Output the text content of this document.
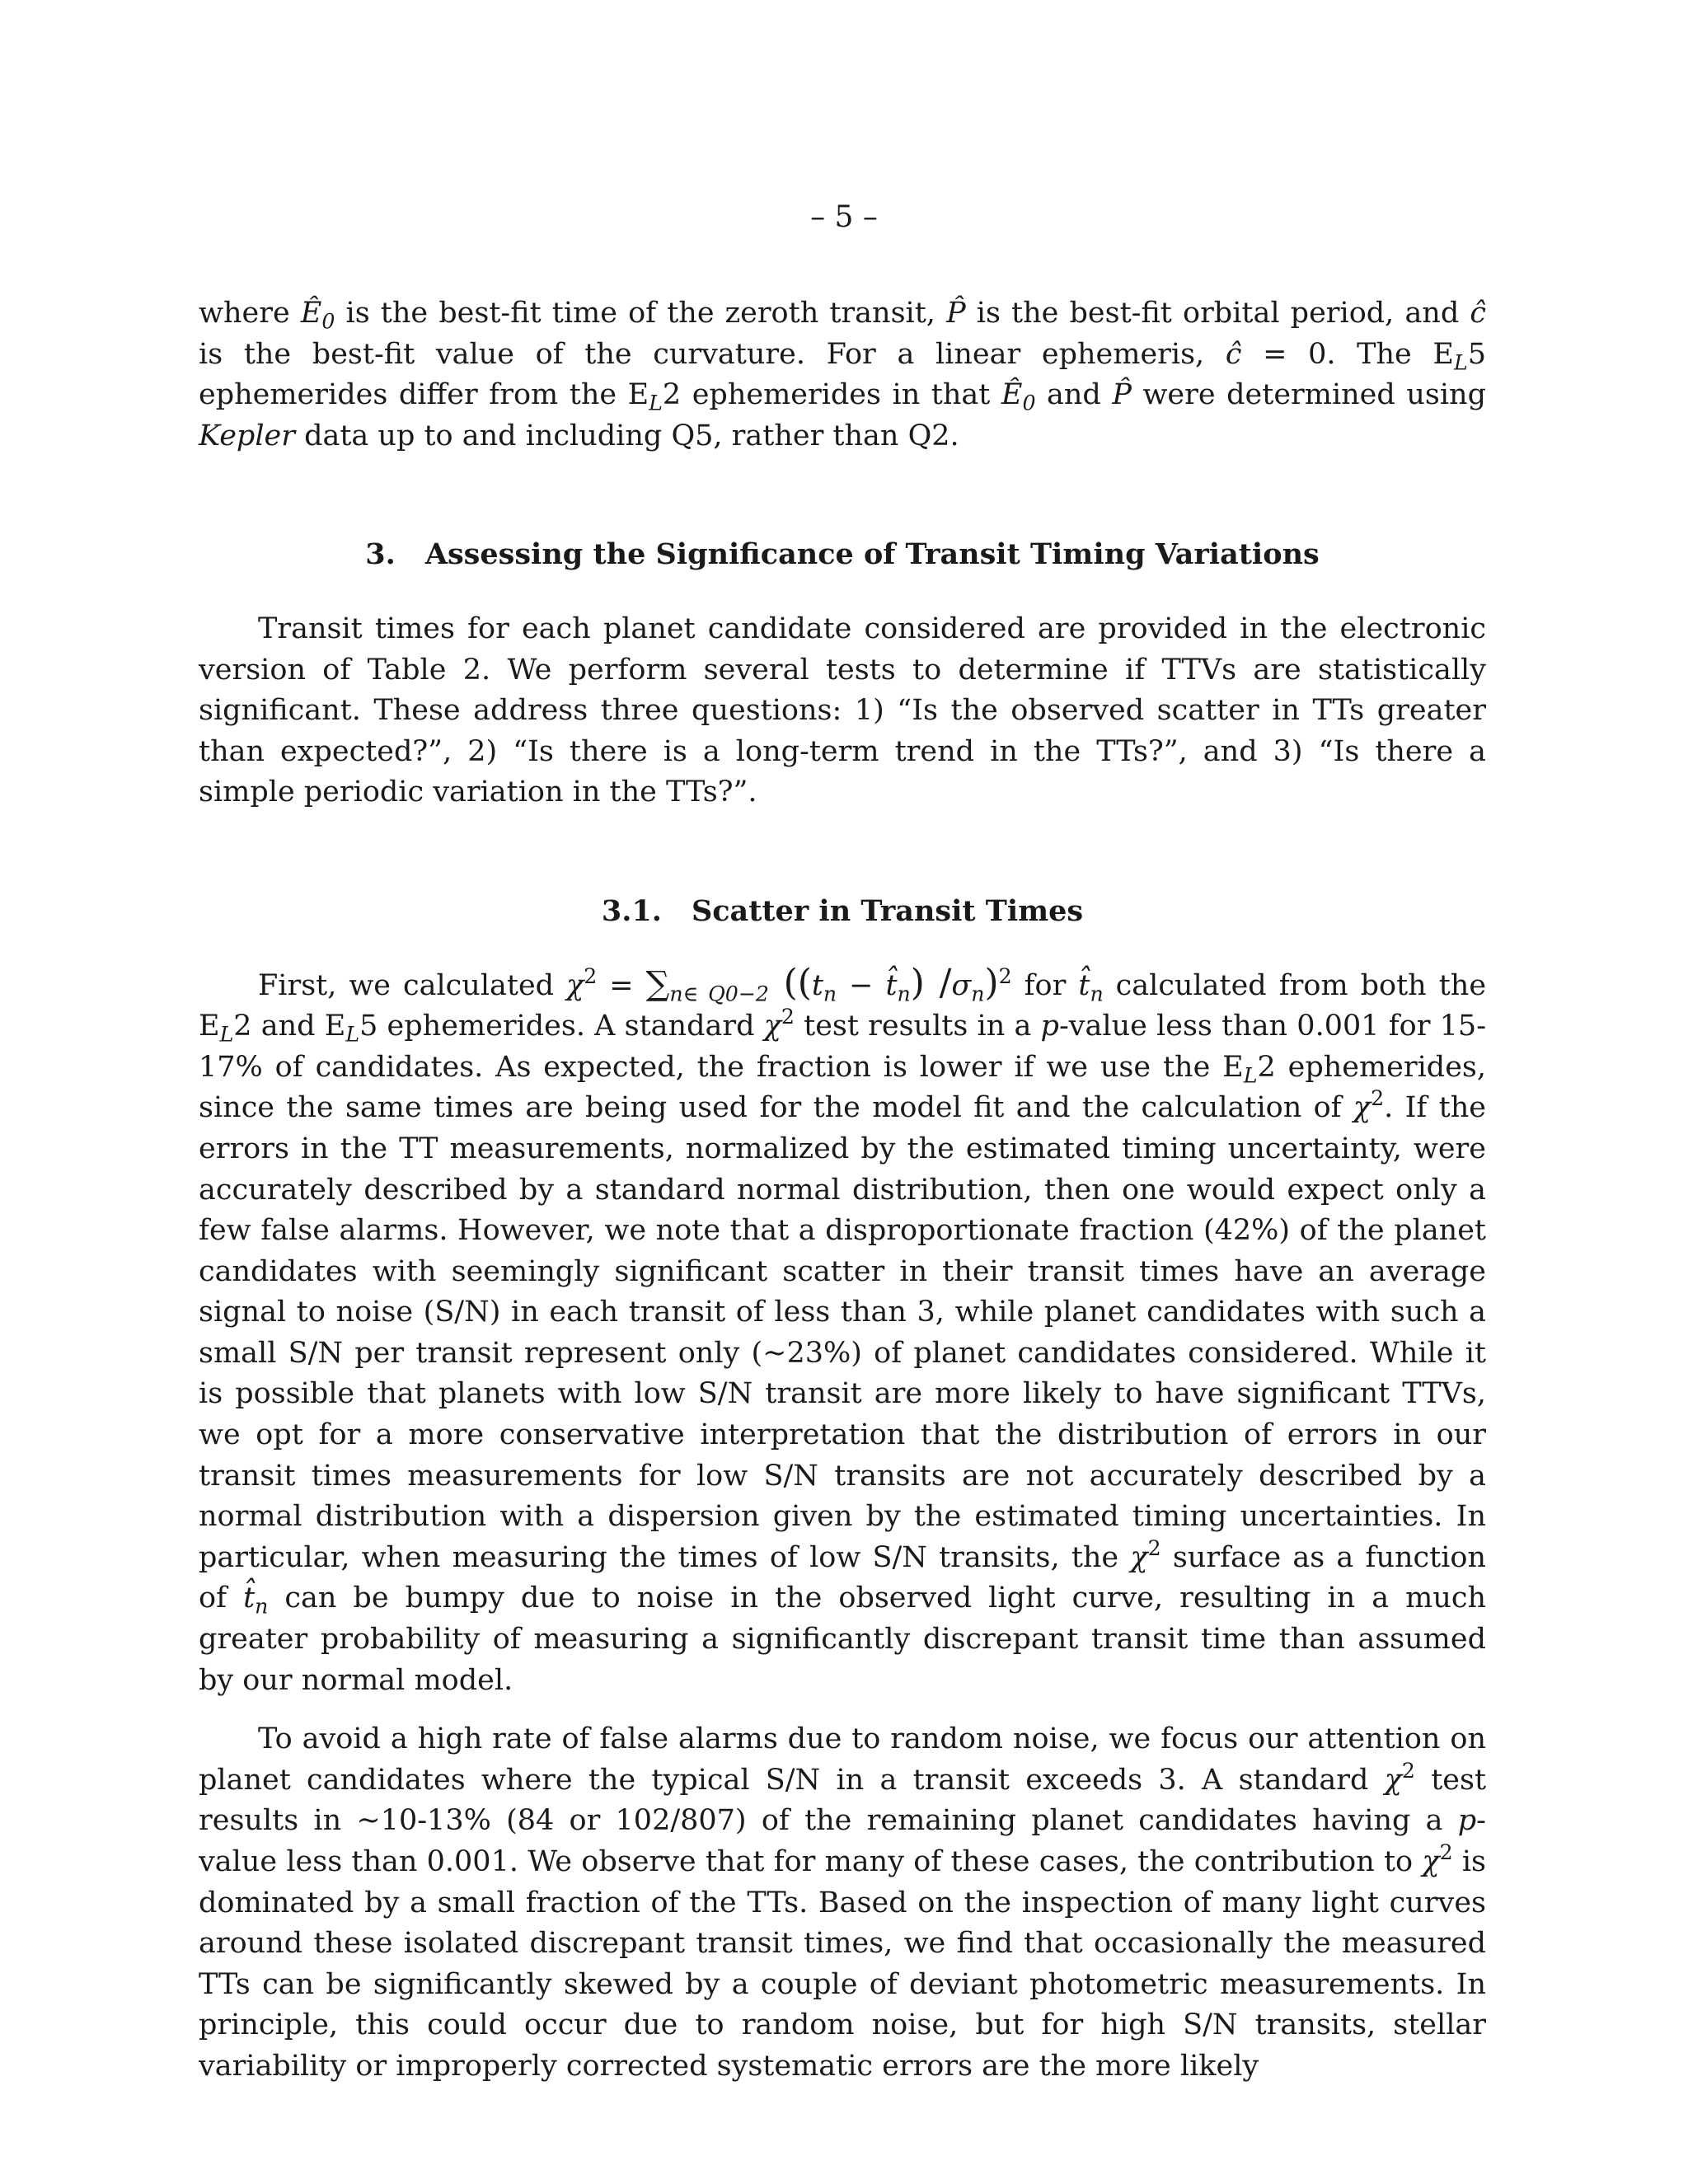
– 5 –

where $Ê_0$ is the best-fit time of the zeroth transit, P̂ is the best-fit orbital period, and ĉ is the best-fit value of the curvature. For a linear ephemeris, ĉ = 0. The $E_L5$ ephemerides differ from the $E_L2$ ephemerides in that $Ê_0$ and P̂ were determined using Kepler data up to and including Q5, rather than Q2.

3. Assessing the Significance of Transit Timing Variations

Transit times for each planet candidate considered are provided in the electronic version of Table 2. We perform several tests to determine if TTVs are statistically significant. These address three questions: 1) “Is the observed scatter in TTs greater than expected?”, 2) “Is there is a long-term trend in the TTs?”, and 3) “Is there a simple periodic variation in the TTs?”.

3.1. Scatter in Transit Times

First, we calculated $\chi^2 = \sum_{n\in Q0-2}$ (($t_n$ − $t̂_n$) $/\sigma_n)^2$ for $t̂_n$ calculated from both the $E_L2$ and $E_L5$ ephemerides. A standard $\chi^2$ test results in a p-value less than 0.001 for 15-17% of candidates. As expected, the fraction is lower if we use the $E_L2$ ephemerides, since the same times are being used for the model fit and the calculation of $\chi^2$. If the errors in the TT measurements, normalized by the estimated timing uncertainty, were accurately described by a standard normal distribution, then one would expect only a few false alarms. However, we note that a disproportionate fraction (42%) of the planet candidates with seemingly significant scatter in their transit times have an average signal to noise (S/N) in each transit of less than 3, while planet candidates with such a small S/N per transit represent only (∼23%) of planet candidates considered. While it is possible that planets with low S/N transit are more likely to have significant TTVs, we opt for a more conservative interpretation that the distribution of errors in our transit times measurements for low S/N transits are not accurately described by a normal distribution with a dispersion given by the estimated timing uncertainties. In particular, when measuring the times of low S/N transits, the $\chi^2$ surface as a function of $t̂_n$ can be bumpy due to noise in the observed light curve, resulting in a much greater probability of measuring a significantly discrepant transit time than assumed by our normal model.

To avoid a high rate of false alarms due to random noise, we focus our attention on planet candidates where the typical S/N in a transit exceeds 3. A standard $\chi^2$ test results in ∼10-13% (84 or 102/807) of the remaining planet candidates having a p-value less than 0.001. We observe that for many of these cases, the contribution to $\chi^2$ is dominated by a small fraction of the TTs. Based on the inspection of many light curves around these isolated discrepant transit times, we find that occasionally the measured TTs can be significantly skewed by a couple of deviant photometric measurements. In principle, this could occur due to random noise, but for high S/N transits, stellar variability or improperly corrected systematic errors are the more likely
